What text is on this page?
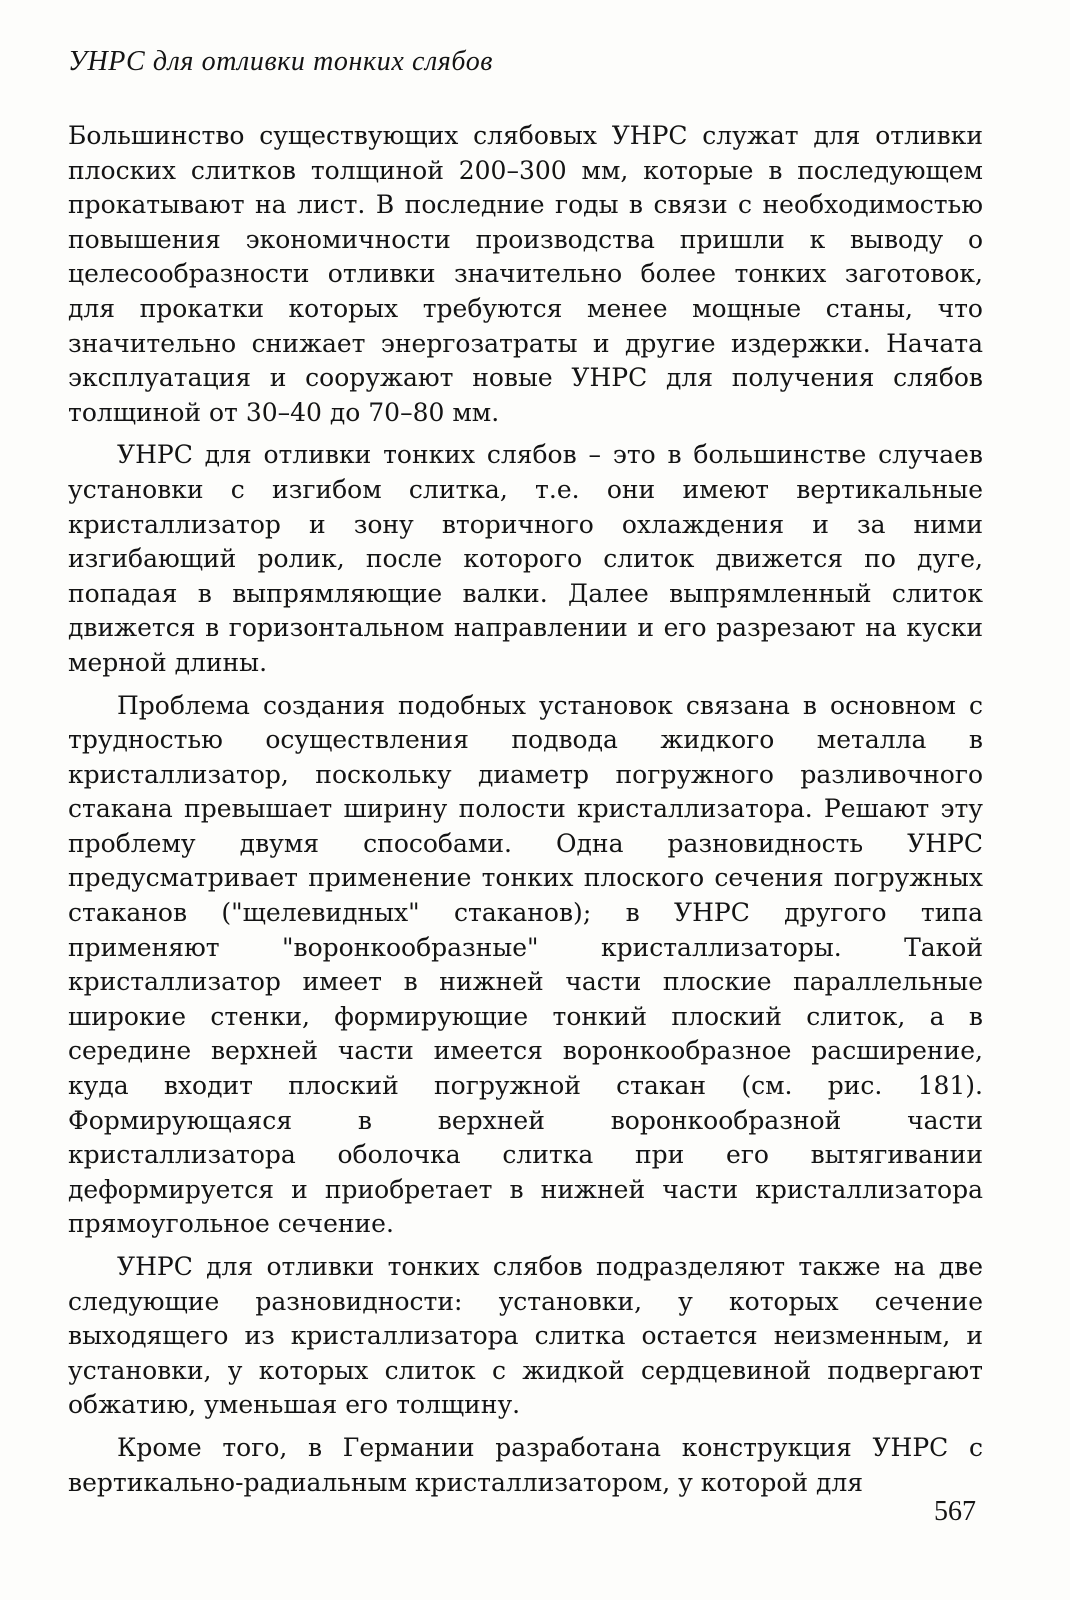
УНРС для отливки тонких слябов

Большинство существующих слябовых УНРС служат для отливки плоских слитков толщиной 200–300 мм, которые в последующем прокатывают на лист. В последние годы в связи с необходимостью повышения экономичности производства пришли к выводу о целесообразности отливки значительно более тонких заготовок, для прокатки которых требуются менее мощные станы, что значительно снижает энергозатраты и другие издержки. Начата эксплуатация и сооружают новые УНРС для получения слябов толщиной от 30–40 до 70–80 мм.

УНРС для отливки тонких слябов – это в большинстве случаев установки с изгибом слитка, т.е. они имеют вертикальные кристаллизатор и зону вторичного охлаждения и за ними изгибающий ролик, после которого слиток движется по дуге, попадая в выпрямляющие валки. Далее выпрямленный слиток движется в горизонтальном направлении и его разрезают на куски мерной длины.

Проблема создания подобных установок связана в основном с трудностью осуществления подвода жидкого металла в кристаллизатор, поскольку диаметр погружного разливочного стакана превышает ширину полости кристаллизатора. Решают эту проблему двумя способами. Одна разновидность УНРС предусматривает применение тонких плоского сечения погружных стаканов ("щелевидных" стаканов); в УНРС другого типа применяют "воронкообразные" кристаллизаторы. Такой кристаллизатор имеет в нижней части плоские параллельные широкие стенки, формирующие тонкий плоский слиток, а в середине верхней части имеется воронкообразное расширение, куда входит плоский погружной стакан (см. рис. 181). Формирующаяся в верхней воронкообразной части кристаллизатора оболочка слитка при его вытягивании деформируется и приобретает в нижней части кристаллизатора прямоугольное сечение.

УНРС для отливки тонких слябов подразделяют также на две следующие разновидности: установки, у которых сечение выходящего из кристаллизатора слитка остается неизменным, и установки, у которых слиток с жидкой сердцевиной подвергают обжатию, уменьшая его толщину.

Кроме того, в Германии разработана конструкция УНРС с вертикально-радиальным кристаллизатором, у которой для

567
